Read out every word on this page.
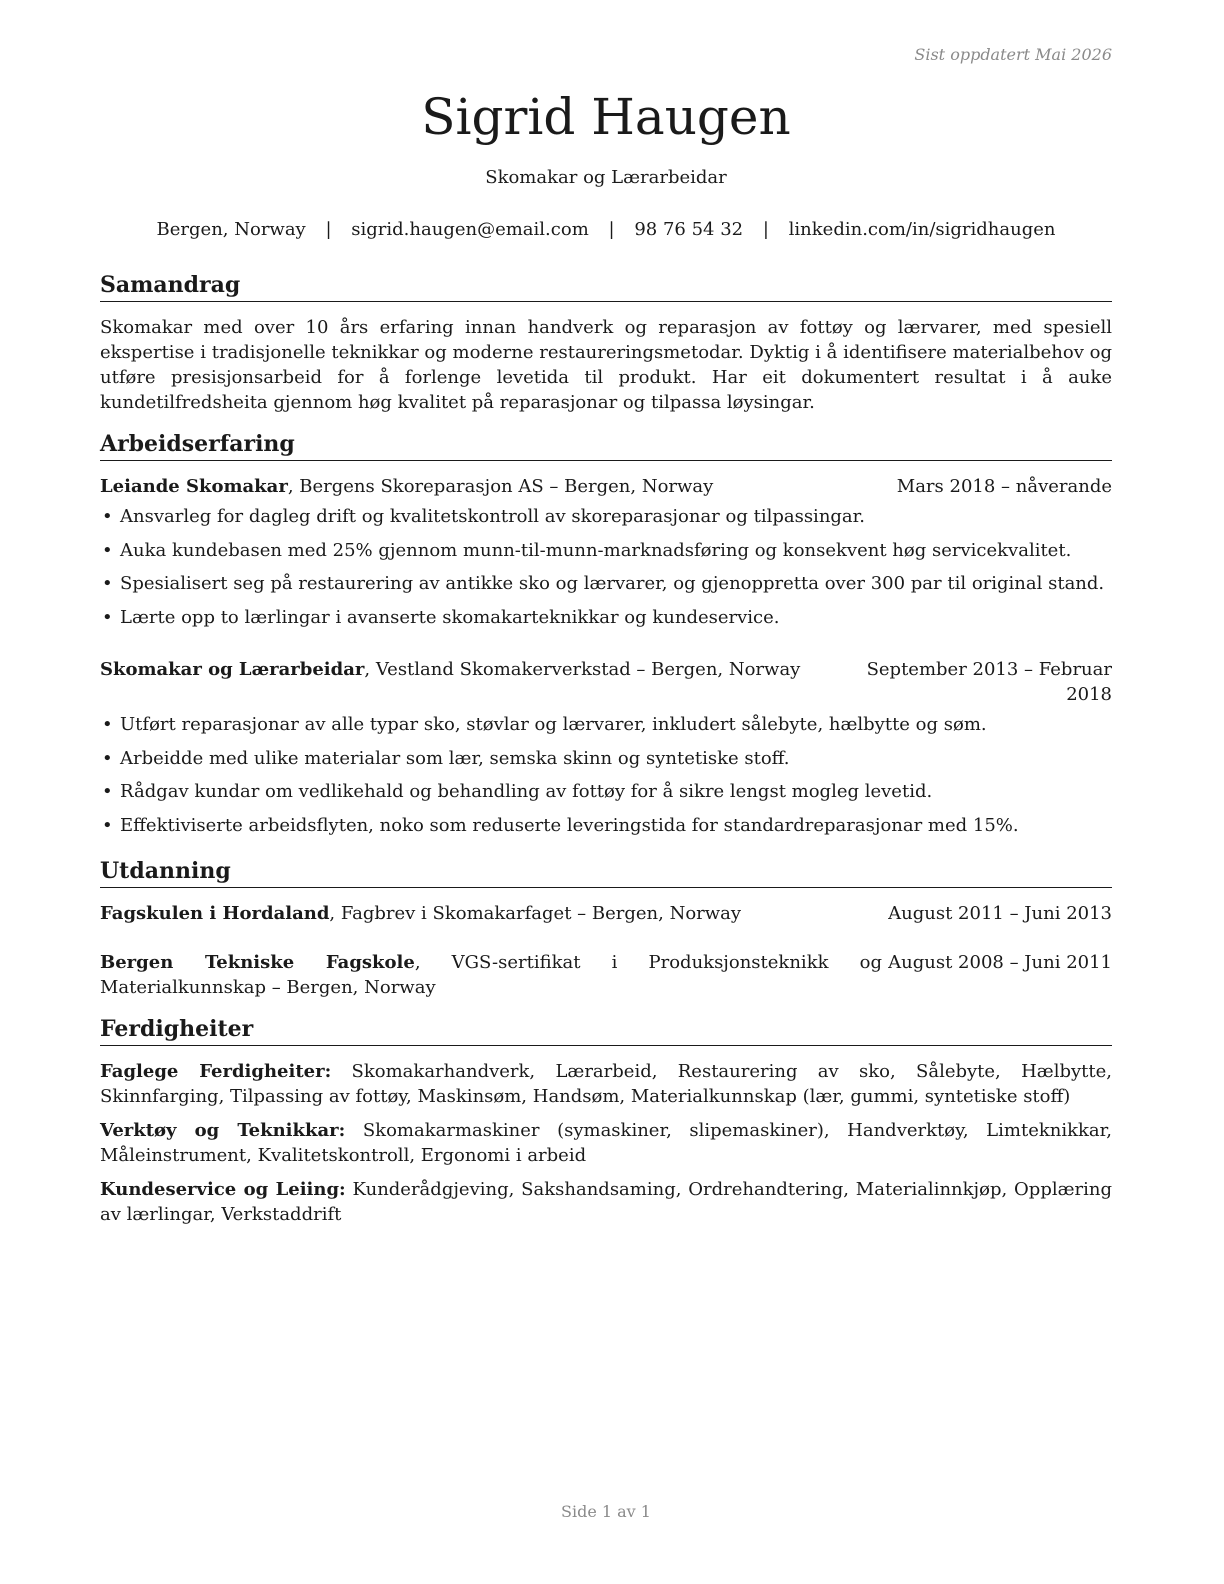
Sist oppdatert Mai 2026
Sigrid Haugen
Skomakar og Lærarbeidar
Bergen, Norway | sigrid.haugen@email.com | 98 76 54 32 | linkedin.com/in/sigridhaugen
Samandrag
Skomakar med over 10 års erfaring innan handverk og reparasjon av fottøy og lærvarer, med spesiell ekspertise i tradisjonelle teknikkar og moderne restaureringsmetodar. Dyktig i å identifisere materialbehov og utføre presisjonsarbeid for å forlenge levetida til produkt. Har eit dokumentert resultat i å auke kundetilfredsheita gjennom høg kvalitet på reparasjonar og tilpassa løysingar.
Arbeidserfaring
Leiande Skomakar, Bergens Skoreparasjon AS – Bergen, Norway	Mars 2018 – nåverande
• Ansvarleg for dagleg drift og kvalitetskontroll av skoreparasjonar og tilpassingar.
• Auka kundebasen med 25% gjennom munn-til-munn-marknadsføring og konsekvent høg servicekvalitet.
• Spesialisert seg på restaurering av antikke sko og lærvarer, og gjenoppretta over 300 par til original stand.
• Lærte opp to lærlingar i avanserte skomakarteknikkar og kundeservice.
Skomakar og Lærarbeidar, Vestland Skomakerverkstad – Bergen, Norway	September 2013 – Februar
2018
• Utført reparasjonar av alle typar sko, støvlar og lærvarer, inkludert sålebyte, hælbytte og søm.
• Arbeidde med ulike materialar som lær, semska skinn og syntetiske stoff.
• Rådgav kundar om vedlikehald og behandling av fottøy for å sikre lengst mogleg levetid.
• Effektiviserte arbeidsflyten, noko som reduserte leveringstida for standardreparasjonar med 15%.
Utdanning
Fagskulen i Hordaland, Fagbrev i Skomakarfaget – Bergen, Norway	August 2011 – Juni 2013
Bergen Tekniske Fagskole, VGS-sertifikat i Produksjonsteknikk og Materialkunnskap – Bergen, Norway
August 2008 – Juni 2011
Ferdigheiter
Faglege Ferdigheiter: Skomakarhandverk, Lærarbeid, Restaurering av sko, Sålebyte, Hælbytte, Skinnfarging, Tilpassing av fottøy, Maskinsøm, Handsøm, Materialkunnskap (lær, gummi, syntetiske stoff)
Verktøy og Teknikkar: Skomakarmaskiner (symaskiner, slipemaskiner), Handverktøy, Limteknikkar, Måleinstrument, Kvalitetskontroll, Ergonomi i arbeid
Kundeservice og Leiing: Kunderådgjeving, Sakshandsaming, Ordrehandtering, Materialinnkjøp, Opplæring av lærlingar, Verkstaddrift
Side 1 av 1
